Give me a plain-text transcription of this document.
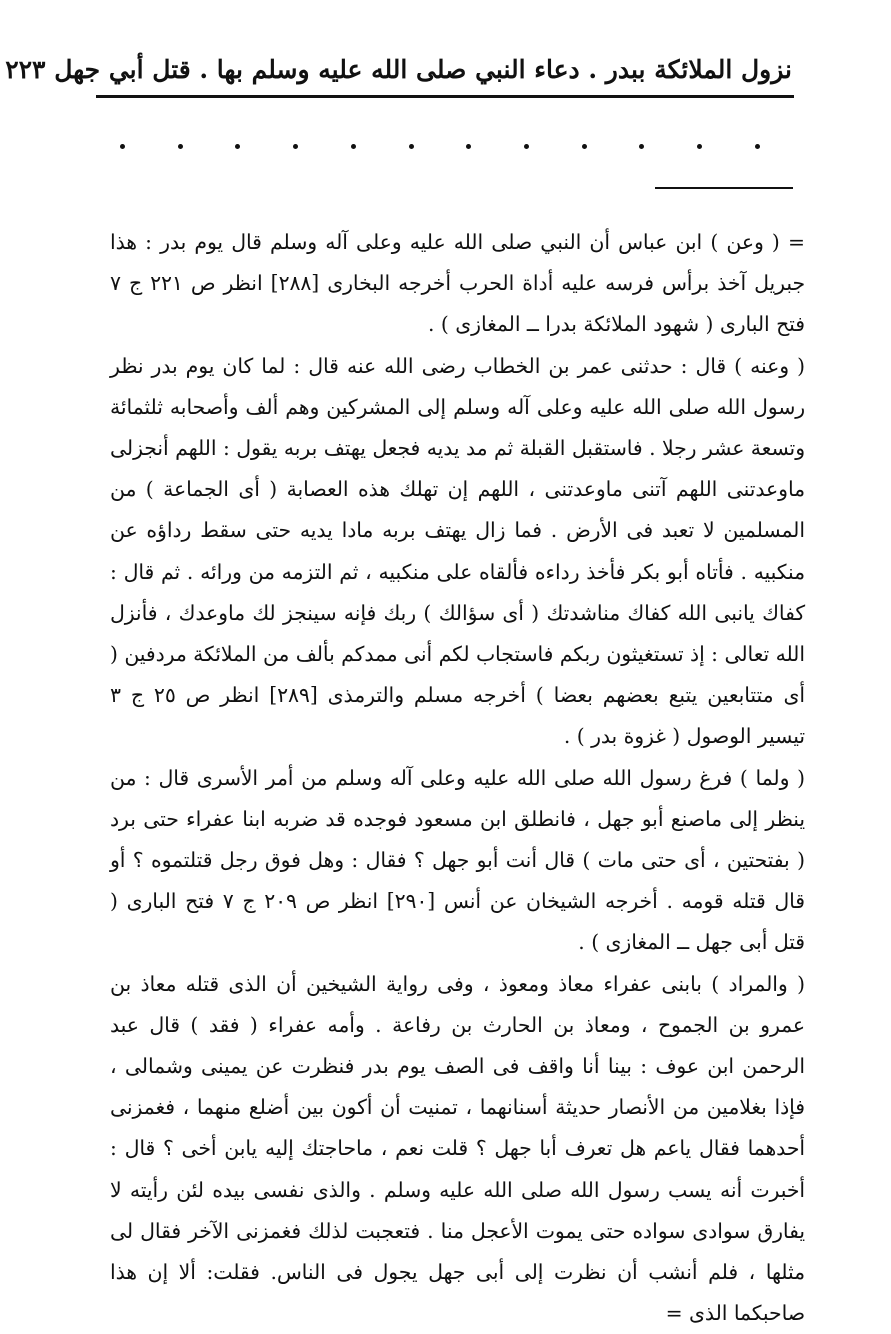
نزول الملائكة ببدر . دعاء النبي صلى الله عليه وسلم بها . قتل أبي جهل ٢٢٣

= ( وعن ) ابن عباس أن النبي صلى الله عليه وعلى آله وسلم قال يوم بدر : هذا جبريل آخذ برأس فرسه عليه أداة الحرب أخرجه البخارى [٢٨٨] انظر ص ٢٢١ ج ٧ فتح البارى ( شهود الملائكة بدرا ــ المغازى ) .

( وعنه ) قال : حدثنى عمر بن الخطاب رضى الله عنه قال : لما كان يوم بدر نظر رسول الله صلى الله عليه وعلى آله وسلم إلى المشركين وهم ألف وأصحابه ثلثمائة وتسعة عشر رجلا . فاستقبل القبلة ثم مد يديه فجعل يهتف بربه يقول : اللهم أنجزلى ماوعدتنى اللهم آتنى ماوعدتنى ، اللهم إن تهلك هذه العصابة ( أى الجماعة ) من المسلمين لا تعبد فى الأرض . فما زال يهتف بربه مادا يديه حتى سقط رداؤه عن منكبيه . فأتاه أبو بكر فأخذ رداءه فألقاه على منكبيه ، ثم التزمه من ورائه . ثم قال : كفاك يانبى الله كفاك مناشدتك ( أى سؤالك ) ربك فإنه سينجز لك ماوعدك ، فأنزل الله تعالى : إذ تستغيثون ربكم فاستجاب لكم أنى ممدكم بألف من الملائكة مردفين ( أى متتابعين يتبع بعضهم بعضا ) أخرجه مسلم والترمذى [٢٨٩] انظر ص ٢٥ ج ٣ تيسير الوصول ( غزوة بدر ) .

( ولما ) فرغ رسول الله صلى الله عليه وعلى آله وسلم من أمر الأسرى قال : من ينظر إلى ماصنع أبو جهل ، فانطلق ابن مسعود فوجده قد ضربه ابنا عفراء حتى برد ( بفتحتين ، أى حتى مات ) قال أنت أبو جهل ؟ فقال : وهل فوق رجل قتلتموه ؟ أو قال قتله قومه . أخرجه الشيخان عن أنس [٢٩٠] انظر ص ٢٠٩ ج ٧ فتح البارى ( قتل أبى جهل ــ المغازى ) .

( والمراد ) بابنى عفراء معاذ ومعوذ ، وفى رواية الشيخين أن الذى قتله معاذ بن عمرو بن الجموح ، ومعاذ بن الحارث بن رفاعة . وأمه عفراء ( فقد ) قال عبد الرحمن ابن عوف : بينا أنا واقف فى الصف يوم بدر فنظرت عن يمينى وشمالى ، فإذا بغلامين من الأنصار حديثة أسنانهما ، تمنيت أن أكون بين أضلع منهما ، فغمزنى أحدهما فقال ياعم هل تعرف أبا جهل ؟ قلت نعم ، ماحاجتك إليه يابن أخى ؟ قال : أخبرت أنه يسب رسول الله صلى الله عليه وسلم . والذى نفسى بيده لئن رأيته لا يفارق سوادى سواده حتى يموت الأعجل منا . فتعجبت لذلك فغمزنى الآخر فقال لى مثلها ، فلم أنشب أن نظرت إلى أبى جهل يجول فى الناس. فقلت: ألا إن هذا صاحبكما الذى =
